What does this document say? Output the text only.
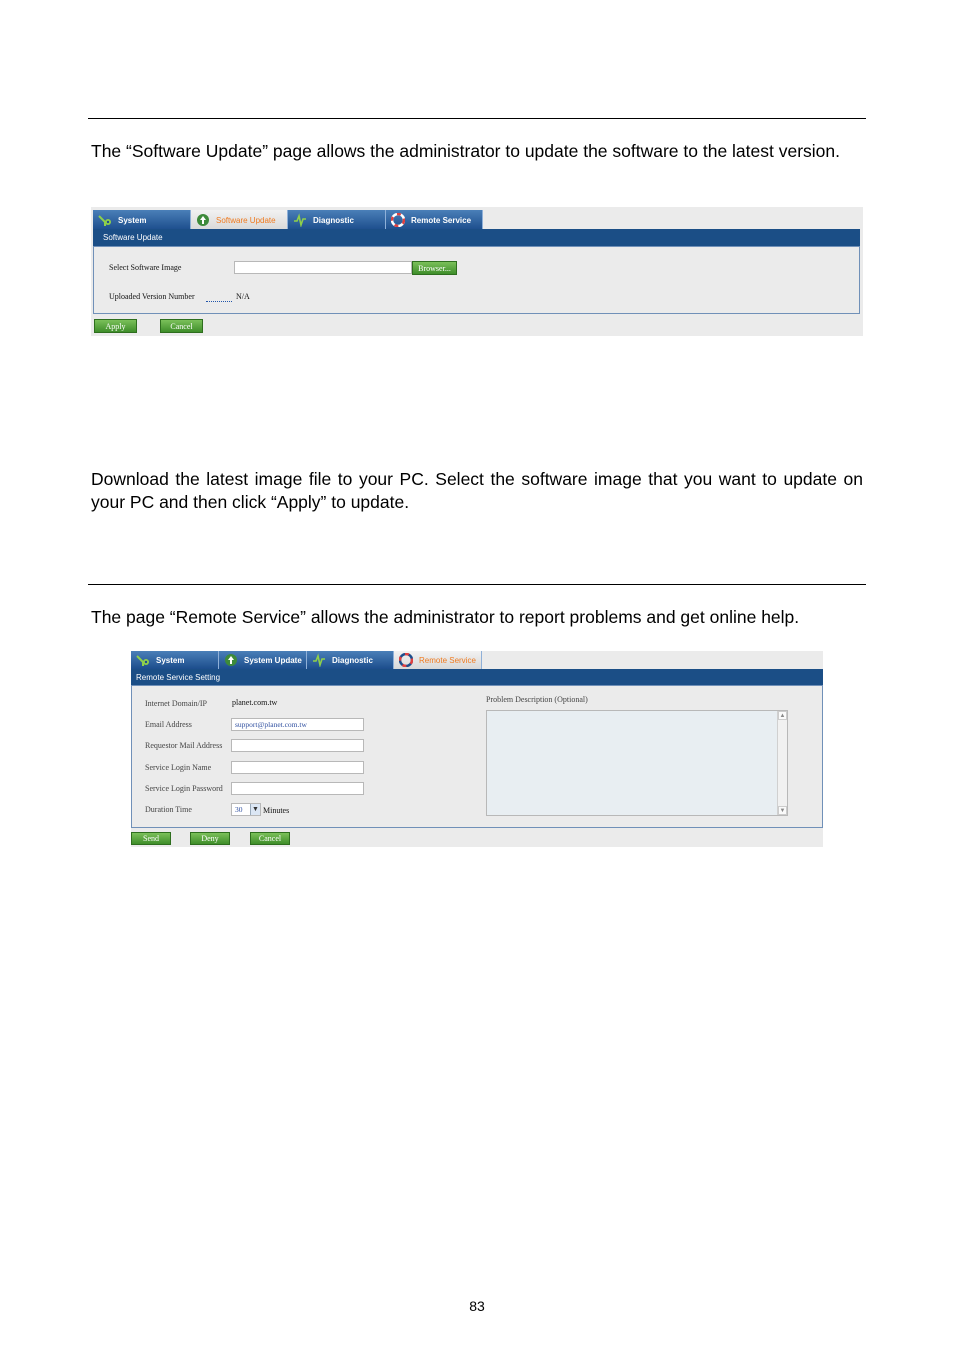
The “Software Update” page allows the administrator to update the software to the latest version.

System	Software Update	Diagnostic	Remote Service
Software Update
Select Software Image	Browser...
Uploaded Version Number	N/A
Apply	Cancel

Download the latest image file to your PC. Select the software image that you want to update on your PC and then click “Apply” to update.

The page “Remote Service” allows the administrator to report problems and get online help.

System	System Update	Diagnostic	Remote Service
Remote Service Setting
Internet Domain/IP	planet.com.tw
Email Address	support@planet.com.tw
Requestor Mail Address
Service Login Name
Service Login Password
Duration Time	30 ▼ Minutes
Problem Description (Optional)
▲
▼
Send	Deny	Cancel
83
